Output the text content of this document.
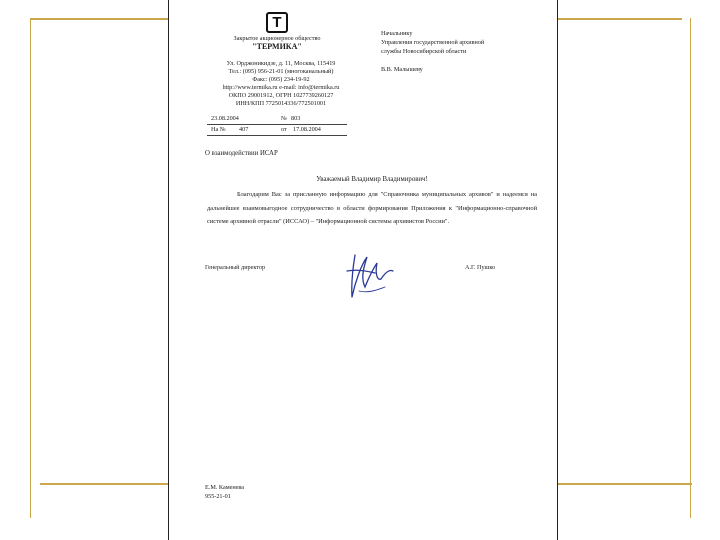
T
Закрытое акционерное общество
"ТЕРМИКА"
Ул. Орджоникидзе, д. 11, Москва, 115419
Тел.: (095) 956-21-01 (многоканальный)
Факс: (095) 234-19-92
http://www.termika.ru e-mail: info@termika.ru
ОКПО 29001912, ОГРН 1027739260127
ИНН/КПП 7725014336/772501001
Начальнику
Управления государственной архивной
службы Новосибирской области
В.В. Малышеву
23.08.2004	№ 803
На № 407	от 17.08.2004
О взаимодействии ИСАР
Уважаемый Владимир Владимирович!
Благодарим Вас за присланную информацию для "Справочника муниципальных архивов" и надеемся на дальнейшее взаимовыгодное сотрудничество в области формирования Приложения к "Информационно-справочной системе архивной отрасли" (ИССАО) – "Информационной системы архивистов России".
Генеральный директор	А.Г. Пушко
Е.М. Каменева
955-21-01
